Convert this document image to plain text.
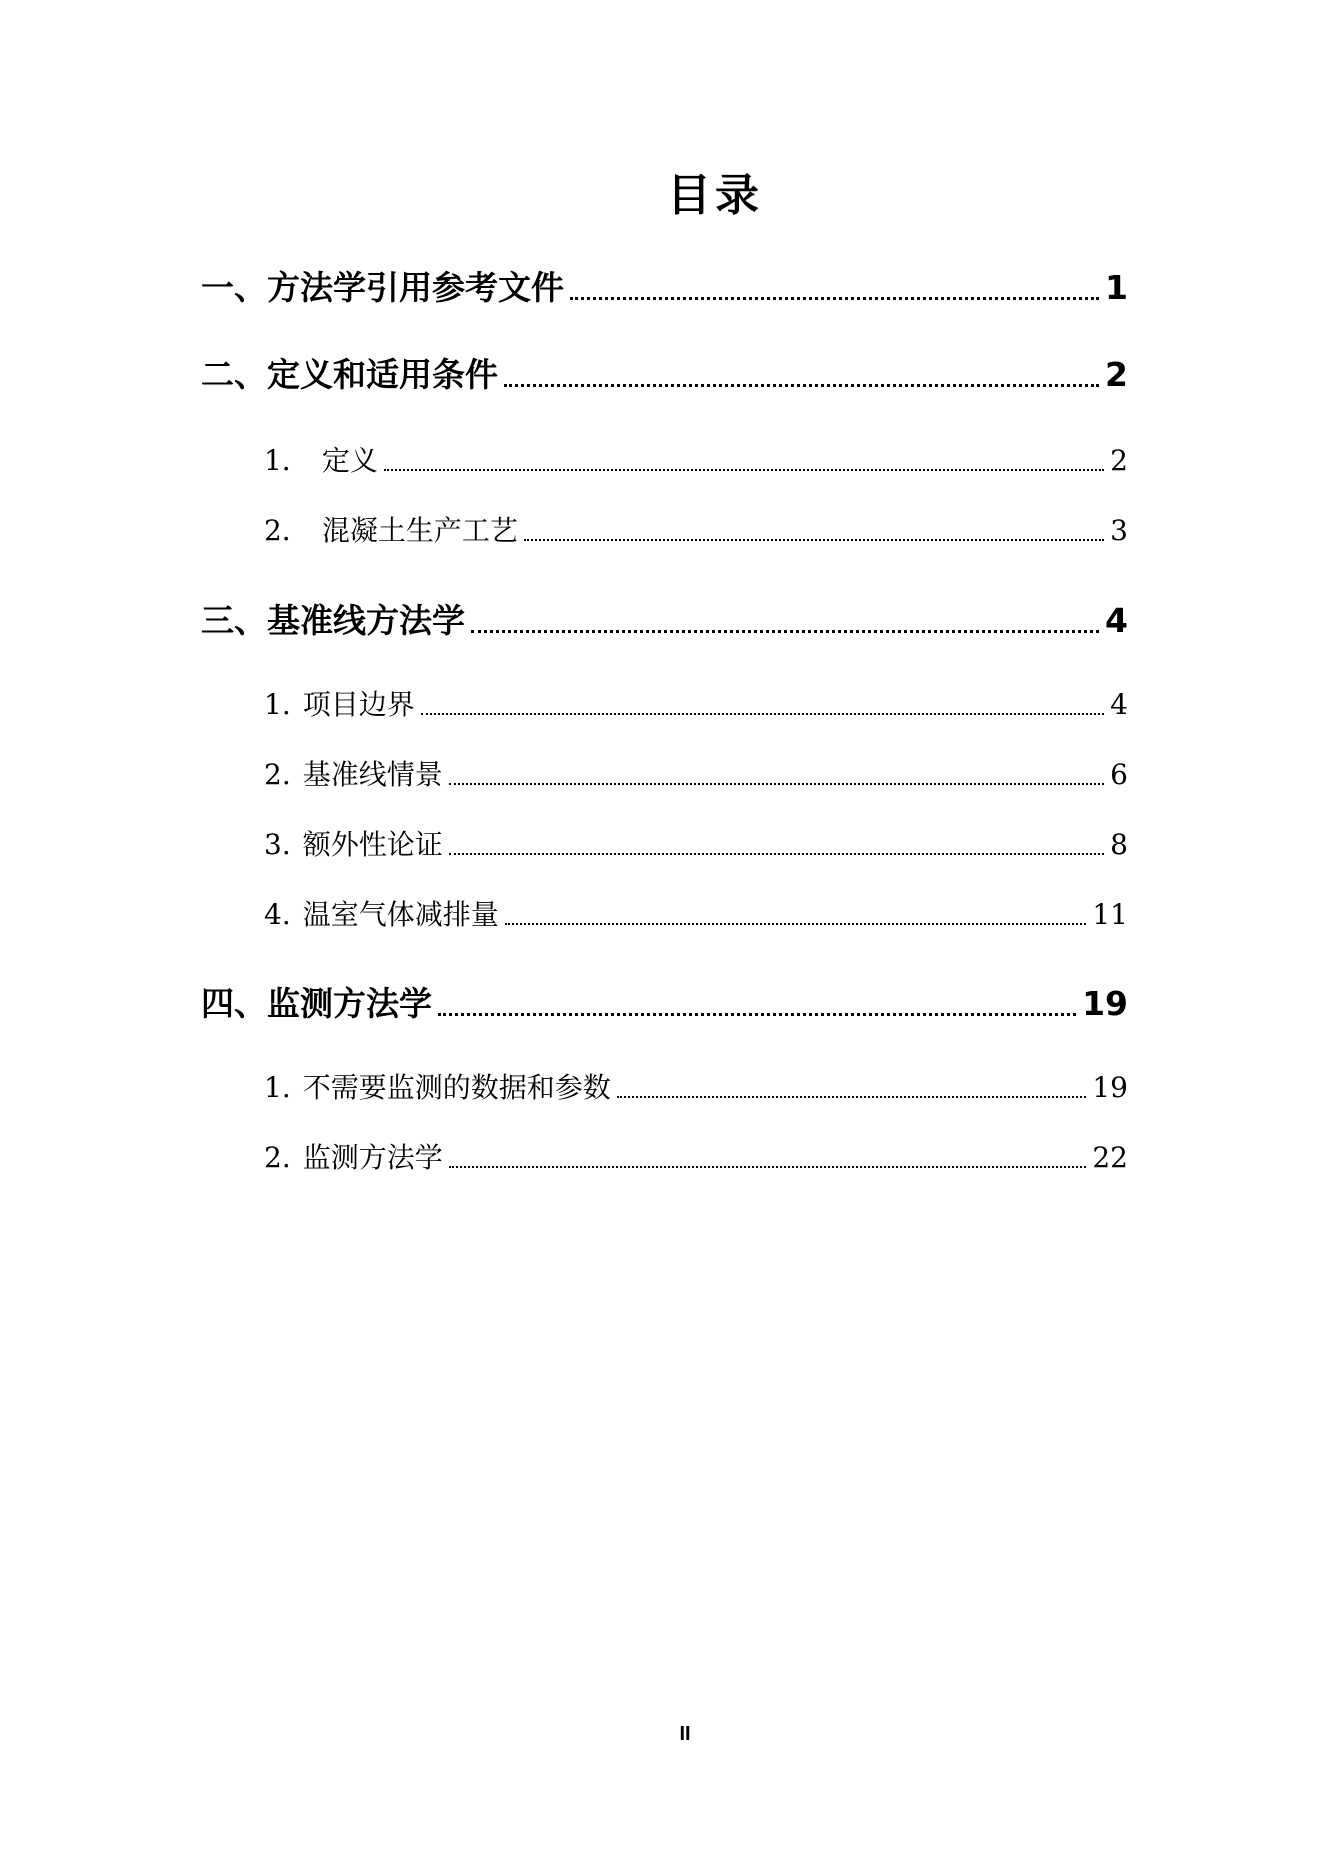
目录
一、 方法学引用参考文件	1
二、 定义和适用条件	2
1． 定义	2
2． 混凝土生产工艺	3
三、 基准线方法学	4
1. 项目边界	4
2. 基准线情景	6
3. 额外性论证	8
4. 温室气体减排量	11
四、 监测方法学	19
1. 不需要监测的数据和参数	19
2. 监测方法学	22
II
